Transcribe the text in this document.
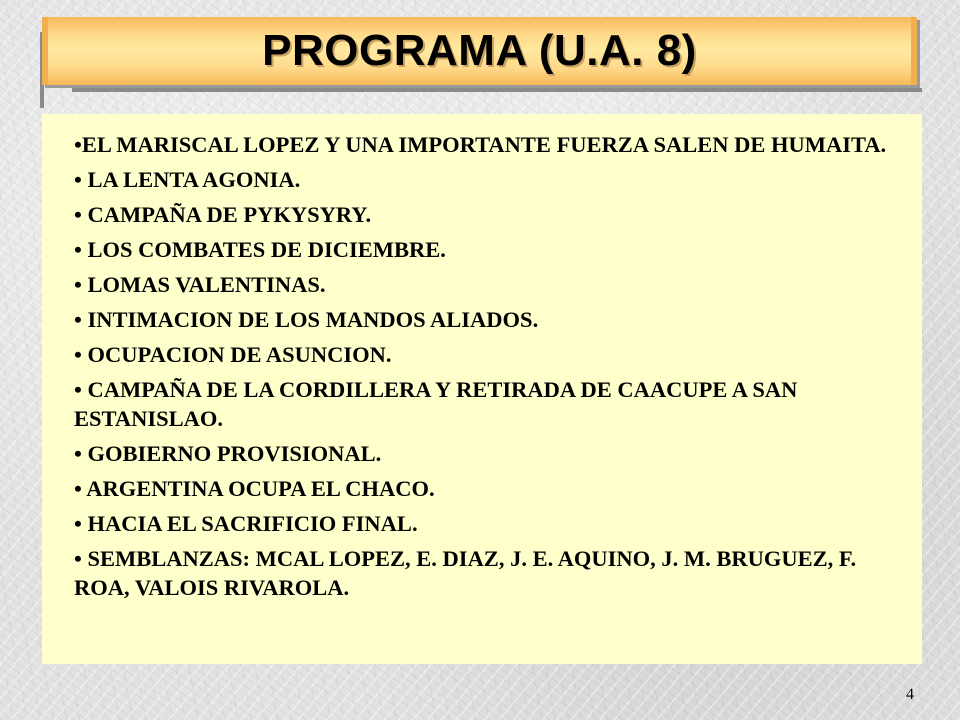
PROGRAMA (U.A. 8)

•EL MARISCAL LOPEZ Y UNA IMPORTANTE FUERZA SALEN DE HUMAITA.

• LA LENTA AGONIA.

• CAMPAÑA DE PYKYSYRY.

• LOS COMBATES DE DICIEMBRE.

• LOMAS VALENTINAS.

• INTIMACION DE LOS MANDOS ALIADOS.

• OCUPACION DE ASUNCION.

• CAMPAÑA DE LA CORDILLERA Y RETIRADA DE CAACUPE A SAN ESTANISLAO.

• GOBIERNO PROVISIONAL.

• ARGENTINA OCUPA EL CHACO.

• HACIA EL SACRIFICIO FINAL.

• SEMBLANZAS: MCAL LOPEZ, E. DIAZ, J. E. AQUINO, J. M. BRUGUEZ, F. ROA, VALOIS RIVAROLA.

4
